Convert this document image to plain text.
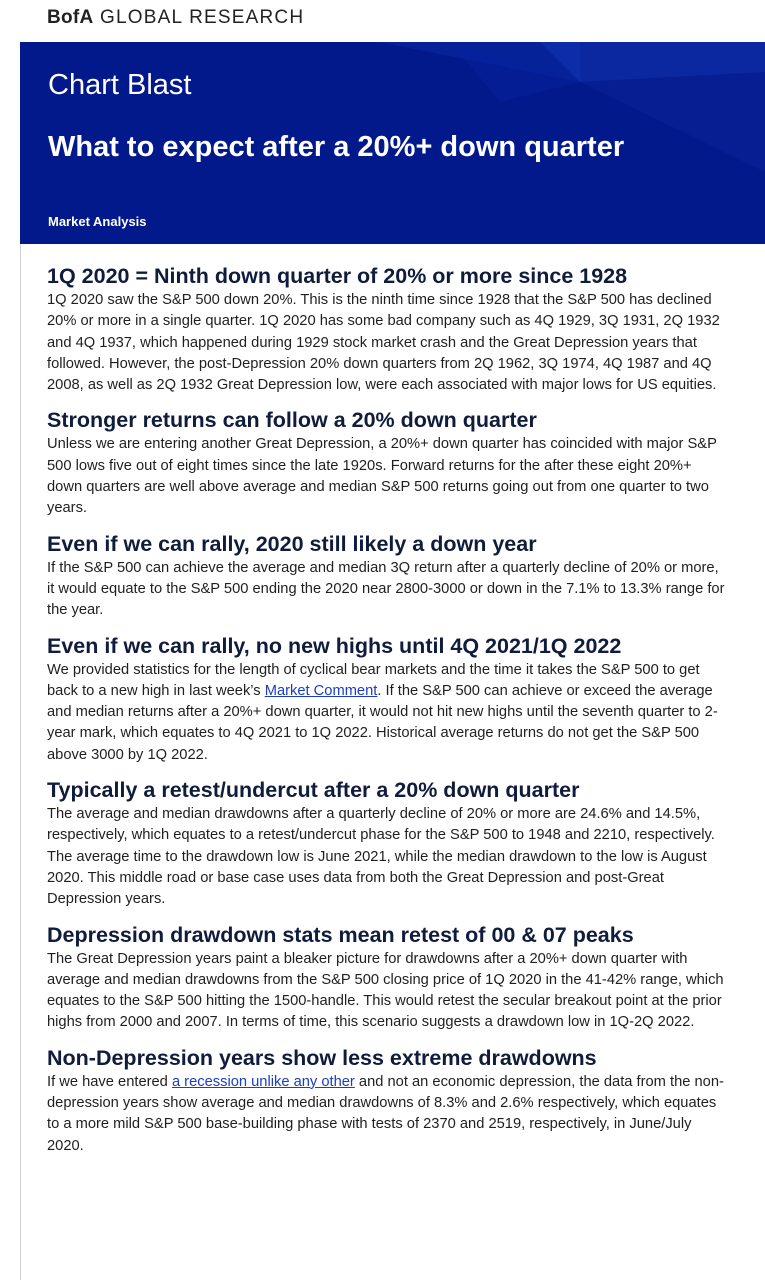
BofA GLOBAL RESEARCH
Chart Blast
What to expect after a 20%+ down quarter
Market Analysis
1Q 2020 = Ninth down quarter of 20% or more since 1928

1Q 2020 saw the S&P 500 down 20%. This is the ninth time since 1928 that the S&P 500 has declined 20% or more in a single quarter. 1Q 2020 has some bad company such as 4Q 1929, 3Q 1931, 2Q 1932 and 4Q 1937, which happened during 1929 stock market crash and the Great Depression years that followed. However, the post-Depression 20% down quarters from 2Q 1962, 3Q 1974, 4Q 1987 and 4Q 2008, as well as 2Q 1932 Great Depression low, were each associated with major lows for US equities.

Stronger returns can follow a 20% down quarter

Unless we are entering another Great Depression, a 20%+ down quarter has coincided with major S&P 500 lows five out of eight times since the late 1920s. Forward returns for the after these eight 20%+ down quarters are well above average and median S&P 500 returns going out from one quarter to two years.

Even if we can rally, 2020 still likely a down year

If the S&P 500 can achieve the average and median 3Q return after a quarterly decline of 20% or more, it would equate to the S&P 500 ending the 2020 near 2800-3000 or down in the 7.1% to 13.3% range for the year.

Even if we can rally, no new highs until 4Q 2021/1Q 2022

We provided statistics for the length of cyclical bear markets and the time it takes the S&P 500 to get back to a new high in last week’s Market Comment. If the S&P 500 can achieve or exceed the average and median returns after a 20%+ down quarter, it would not hit new highs until the seventh quarter to 2-year mark, which equates to 4Q 2021 to 1Q 2022. Historical average returns do not get the S&P 500 above 3000 by 1Q 2022.

Typically a retest/undercut after a 20% down quarter

The average and median drawdowns after a quarterly decline of 20% or more are 24.6% and 14.5%, respectively, which equates to a retest/undercut phase for the S&P 500 to 1948 and 2210, respectively. The average time to the drawdown low is June 2021, while the median drawdown to the low is August 2020. This middle road or base case uses data from both the Great Depression and post-Great Depression years.

Depression drawdown stats mean retest of 00 & 07 peaks

The Great Depression years paint a bleaker picture for drawdowns after a 20%+ down quarter with average and median drawdowns from the S&P 500 closing price of 1Q 2020 in the 41-42% range, which equates to the S&P 500 hitting the 1500-handle. This would retest the secular breakout point at the prior highs from 2000 and 2007. In terms of time, this scenario suggests a drawdown low in 1Q-2Q 2022.

Non-Depression years show less extreme drawdowns

If we have entered a recession unlike any other and not an economic depression, the data from the non-depression years show average and median drawdowns of 8.3% and 2.6% respectively, which equates to a more mild S&P 500 base-building phase with tests of 2370 and 2519, respectively, in June/July 2020.
